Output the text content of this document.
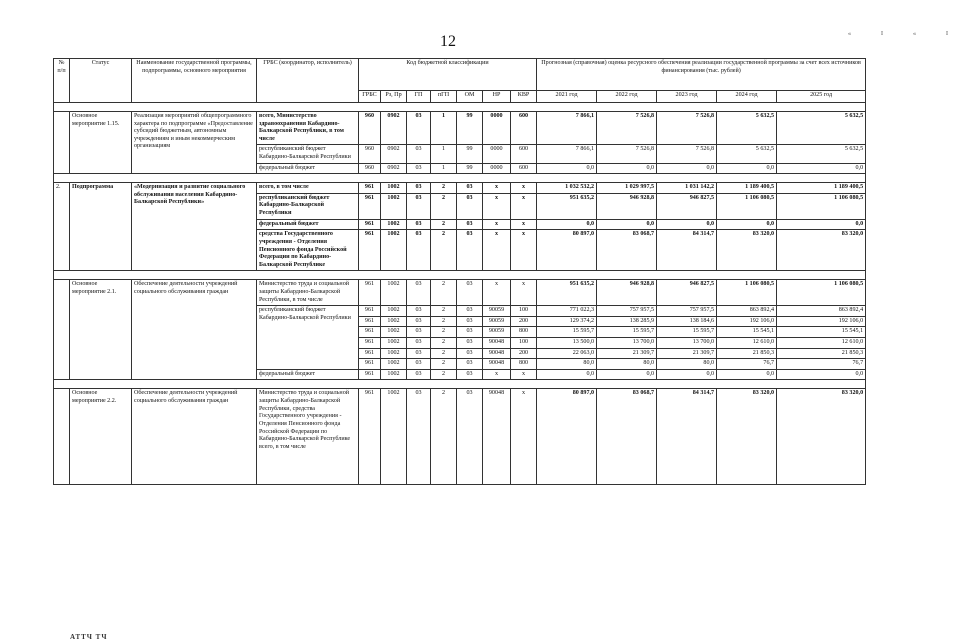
12	«I«I
№ п/п	Статус	Наименование государственной программы, подпрограммы, основного мероприятия	ГРБС (координатор, исполнитель)	Код бюджетной классификации							Прогнозная (справочная) оценка ресурсного обеспечения реализации государственной программы за счет всех источников финансирования (тыс. рублей)				
				ГРБС	Рз, Пр	ГП	пГП	ОМ	НР	КВР	2021 год	2022 год	2023 год	2024 год	2025 год

	Основное мероприятие 1.15.	Реализация мероприятий общепрограммного характера по подпрограмме «Предоставление субсидий бюджетным, автономным учреждениям и иным некоммерческим организациям	всего, Министерство здравоохранения Кабардино-Балкарской Республики, в том числе	960	0902	03	1	99	0000	600	7 866,1	7 526,8	7 526,8	5 632,5	5 632,5
			республиканский бюджет Кабардино-Балкарской Республики	960	0902	03	1	99	0000	600	7 866,1	7 526,8	7 526,8	5 632,5	5 632,5
			федеральный бюджет	960	0902	03	1	99	0000	600	0,0	0,0	0,0	0,0	0,0

2.	Подпрограмма	«Модернизация и развитие социального обслуживания населения Кабардино-Балкарской Республики»	всего, в том числе	961	1002	03	2	03	х	х	1 032 532,2	1 029 997,5	1 031 142,2	1 189 400,5	1 189 400,5
			республиканский бюджет Кабардино-Балкарской Республики	961	1002	03	2	03	х	х	951 635,2	946 928,8	946 827,5	1 106 080,5	1 106 080,5
			федеральный бюджет	961	1002	03	2	03	х	х	0,0	0,0	0,0	0,0	0,0
			средства Государственного учреждения - Отделения Пенсионного фонда Российской Федерации по Кабардино-Балкарской Республике	961	1002	03	2	03	х	х	80 897,0	83 068,7	84 314,7	83 320,0	83 320,0

	Основное мероприятие 2.1.	Обеспечение деятельности учреждений социального обслуживания граждан	Министерство труда и социальной защиты Кабардино-Балкарской Республики, в том числе	961	1002	03	2	03	х	х	951 635,2	946 928,8	946 827,5	1 106 080,5	1 106 080,5
			республиканский бюджет Кабардино-Балкарской Республики	961	1002	03	2	03	90059	100	771 022,3	757 957,5	757 957,5	863 892,4	863 892,4
				961	1002	03	2	03	90059	200	129 374,2	138 285,9	138 184,6	192 106,0	192 106,0
				961	1002	03	2	03	90059	800	15 595,7	15 595,7	15 595,7	15 545,1	15 545,1
				961	1002	03	2	03	90048	100	13 500,0	13 700,0	13 700,0	12 610,0	12 610,0
				961	1002	03	2	03	90048	200	22 063,0	21 309,7	21 309,7	21 850,3	21 850,3
				961	1002	03	2	03	90048	800	80,0	80,0	80,0	76,7	76,7
			федеральный бюджет	961	1002	03	2	03	х	х	0,0	0,0	0,0	0,0	0,0

	Основное мероприятие 2.2.	Обеспечение деятельности учреждений социального обслуживания граждан	Министерство труда и социальной защиты Кабардино-Балкарской Республики, средства Государственного учреждения - Отделения Пенсионного фонда Российской Федерации по Кабардино-Балкарской Республике всего, в том числе	961	1002	03	2	03	90048	х	80 897,0	83 068,7	84 314,7	83 320,0	83 320,0
АТТЧ ТЧ
